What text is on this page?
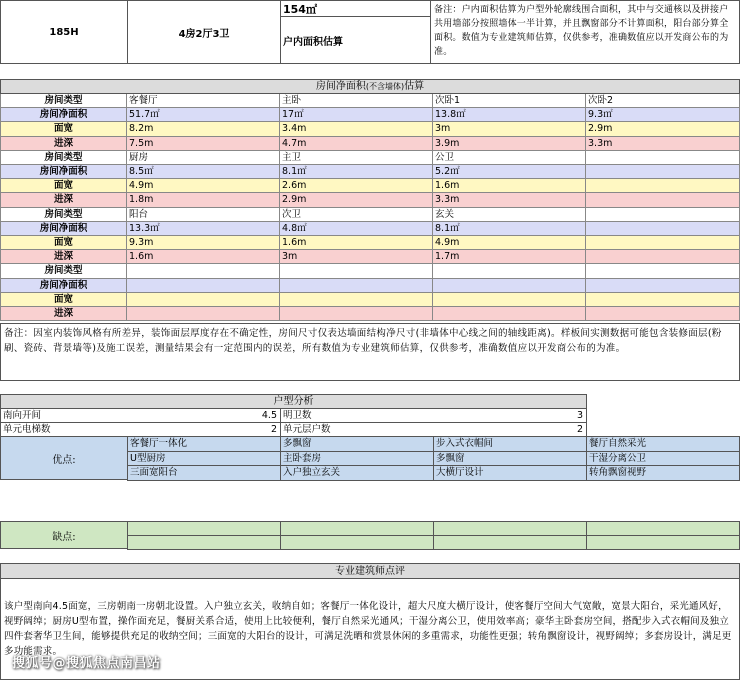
185H	4房2厅3卫
154㎡
户内面积估算
备注：户内面积估算为户型外轮廓线围合面积，其中与交通核以及拼接户共用墙部分按照墙体一半计算，并且飘窗部分不计算面积，阳台部分算全面积。数值为专业建筑师估算，仅供参考，准确数值应以开发商公布的为准。
房间净面积(不含墙体)估算
房间类型	客餐厅	主卧	次卧1	次卧2
房间净面积	51.7㎡	17㎡	13.8㎡	9.3㎡
面宽	8.2m	3.4m	3m	2.9m
进深	7.5m	4.7m	3.9m	3.3m
房间类型	厨房	主卫	公卫
房间净面积	8.5㎡	8.1㎡	5.2㎡
面宽	4.9m	2.6m	1.6m
进深	1.8m	2.9m	3.3m
房间类型	阳台	次卫	玄关
房间净面积	13.3㎡	4.8㎡	8.1㎡
面宽	9.3m	1.6m	4.9m
进深	1.6m	3m	1.7m
房间类型
房间净面积
面宽
进深
备注：因室内装饰风格有所差异，装饰面层厚度存在不确定性，房间尺寸仅表达墙面结构净尺寸(非墙体中心线之间的轴线距离)。样板间实测数据可能包含装修面层(粉刷、瓷砖、背景墙等)及施工误差，测量结果会有一定范围内的误差，所有数值为专业建筑师估算，仅供参考，准确数值应以开发商公布的为准。
户型分析
南向开间	4.5 明卫数	3
单元电梯数	2 单元层户数	2
优点:
客餐厅一体化	多飘窗	步入式衣帽间	餐厅自然采光
U型厨房	主卧套房	多飘窗	干湿分离公卫
三面宽阳台	入户独立玄关	大横厅设计	转角飘窗视野
缺点:
专业建筑师点评
该户型南向4.5面宽，三房朝南一房朝北设置。入户独立玄关，收纳自如；客餐厅一体化设计，超大尺度大横厅设计，使客餐厅空间大气宽敞，宽景大阳台，采光通风好，视野阔绰；厨房U型布置，操作面充足，餐厨关系合适，使用上比较便利，餐厅自然采光通风；干湿分离公卫，使用效率高；豪华主卧套房空间，搭配步入式衣帽间及独立四件套奢华卫生间，能够提供充足的收纳空间；三面宽的大阳台的设计，可满足洗晒和赏景休闲的多重需求，功能性更强；转角飘窗设计，视野阔绰；多套房设计，满足更多功能需求。
搜狐号@搜狐焦点南昌站
